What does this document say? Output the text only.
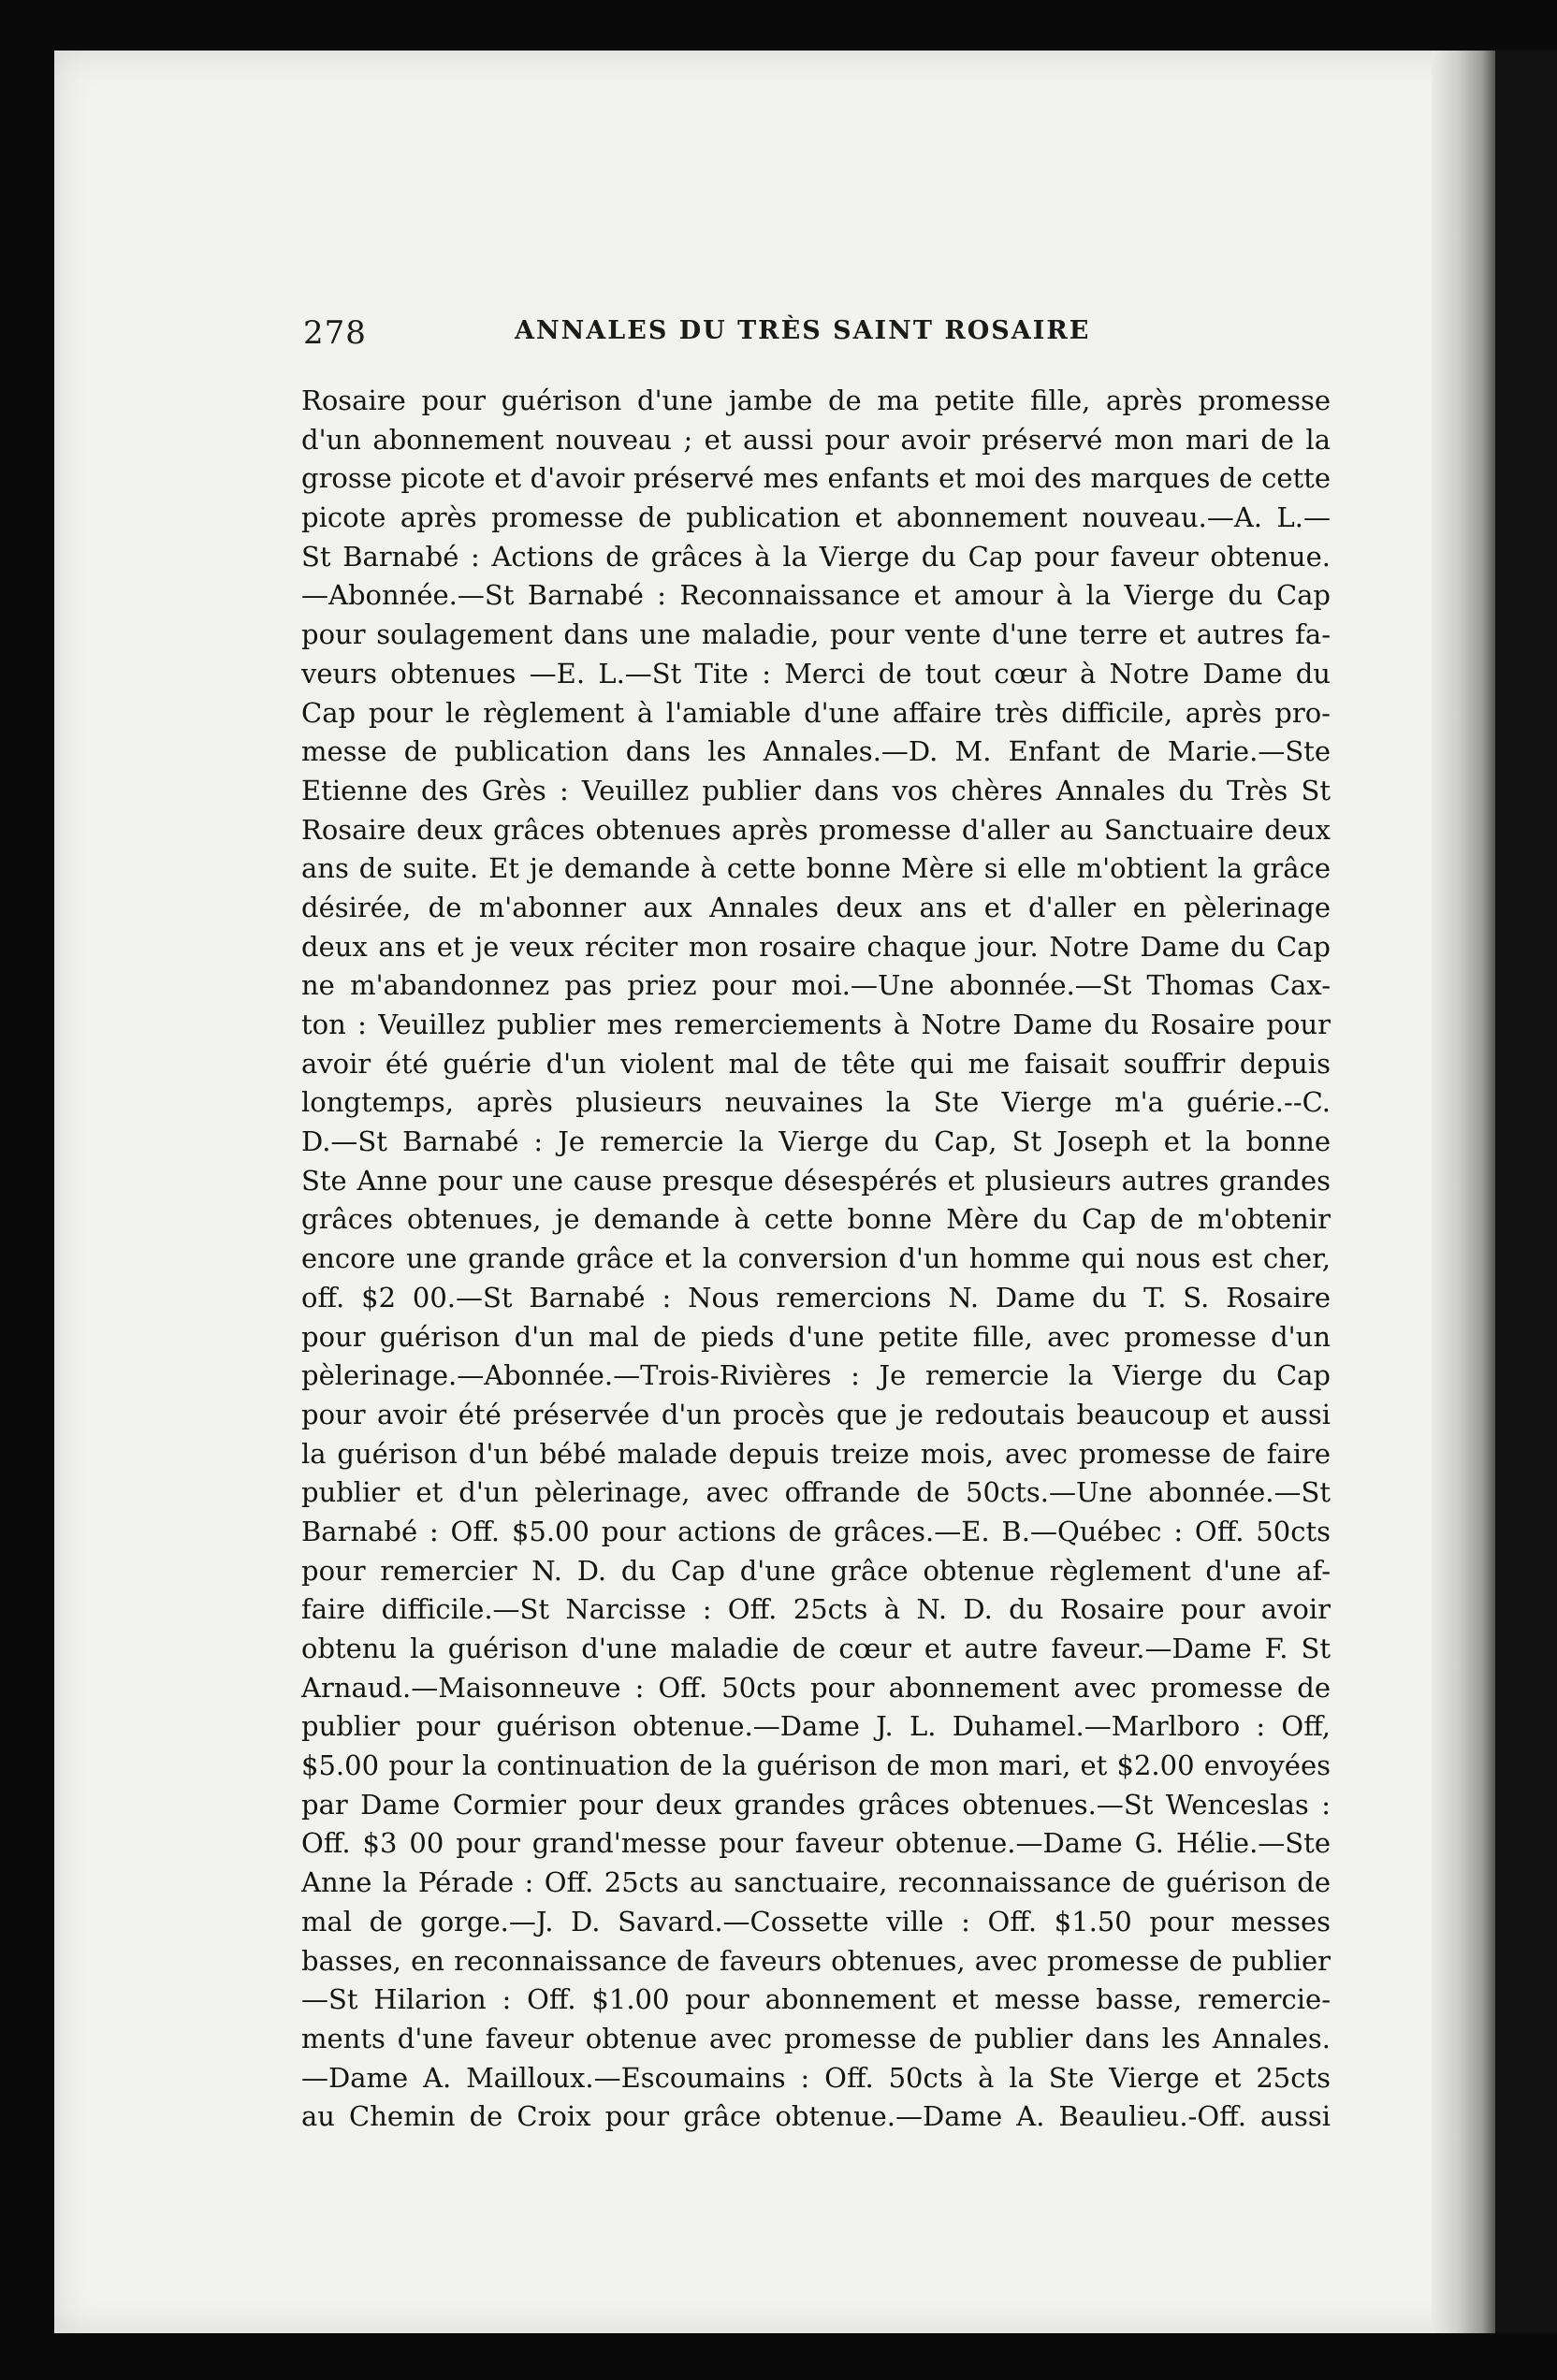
278	ANNALES DU TRÈS SAINT ROSAIRE
Rosaire pour guérison d'une jambe de ma petite fille, après promesse
d'un abonnement nouveau ; et aussi pour avoir préservé mon mari de la
grosse picote et d'avoir préservé mes enfants et moi des marques de cette
picote après promesse de publication et abonnement nouveau.—A. L.—
St Barnabé : Actions de grâces à la Vierge du Cap pour faveur obtenue.
—Abonnée.—St Barnabé : Reconnaissance et amour à la Vierge du Cap
pour soulagement dans une maladie, pour vente d'une terre et autres fa-
veurs obtenues —E. L.—St Tite : Merci de tout cœur à Notre Dame du
Cap pour le règlement à l'amiable d'une affaire très difficile, après pro-
messe de publication dans les Annales.—D. M. Enfant de Marie.—Ste
Etienne des Grès : Veuillez publier dans vos chères Annales du Très St
Rosaire deux grâces obtenues après promesse d'aller au Sanctuaire deux
ans de suite. Et je demande à cette bonne Mère si elle m'obtient la grâce
désirée, de m'abonner aux Annales deux ans et d'aller en pèlerinage
deux ans et je veux réciter mon rosaire chaque jour. Notre Dame du Cap
ne m'abandonnez pas priez pour moi.—Une abonnée.—St Thomas Cax-
ton : Veuillez publier mes remerciements à Notre Dame du Rosaire pour
avoir été guérie d'un violent mal de tête qui me faisait souffrir depuis
longtemps, après plusieurs neuvaines la Ste Vierge m'a guérie.--C.
D.—St Barnabé : Je remercie la Vierge du Cap, St Joseph et la bonne
Ste Anne pour une cause presque désespérés et plusieurs autres grandes
grâces obtenues, je demande à cette bonne Mère du Cap de m'obtenir
encore une grande grâce et la conversion d'un homme qui nous est cher,
off. $2 00.—St Barnabé : Nous remercions N. Dame du T. S. Rosaire
pour guérison d'un mal de pieds d'une petite fille, avec promesse d'un
pèlerinage.—Abonnée.—Trois-Rivières : Je remercie la Vierge du Cap
pour avoir été préservée d'un procès que je redoutais beaucoup et aussi
la guérison d'un bébé malade depuis treize mois, avec promesse de faire
publier et d'un pèlerinage, avec offrande de 50cts.—Une abonnée.—St
Barnabé : Off. $5.00 pour actions de grâces.—E. B.—Québec : Off. 50cts
pour remercier N. D. du Cap d'une grâce obtenue règlement d'une af-
faire difficile.—St Narcisse : Off. 25cts à N. D. du Rosaire pour avoir
obtenu la guérison d'une maladie de cœur et autre faveur.—Dame F. St
Arnaud.—Maisonneuve : Off. 50cts pour abonnement avec promesse de
publier pour guérison obtenue.—Dame J. L. Duhamel.—Marlboro : Off,
$5.00 pour la continuation de la guérison de mon mari, et $2.00 envoyées
par Dame Cormier pour deux grandes grâces obtenues.—St Wenceslas :
Off. $3 00 pour grand'messe pour faveur obtenue.—Dame G. Hélie.—Ste
Anne la Pérade : Off. 25cts au sanctuaire, reconnaissance de guérison de
mal de gorge.—J. D. Savard.—Cossette ville : Off. $1.50 pour messes
basses, en reconnaissance de faveurs obtenues, avec promesse de publier
—St Hilarion : Off. $1.00 pour abonnement et messe basse, remercie-
ments d'une faveur obtenue avec promesse de publier dans les Annales.
—Dame A. Mailloux.—Escoumains : Off. 50cts à la Ste Vierge et 25cts
au Chemin de Croix pour grâce obtenue.—Dame A. Beaulieu.-Off. aussi
